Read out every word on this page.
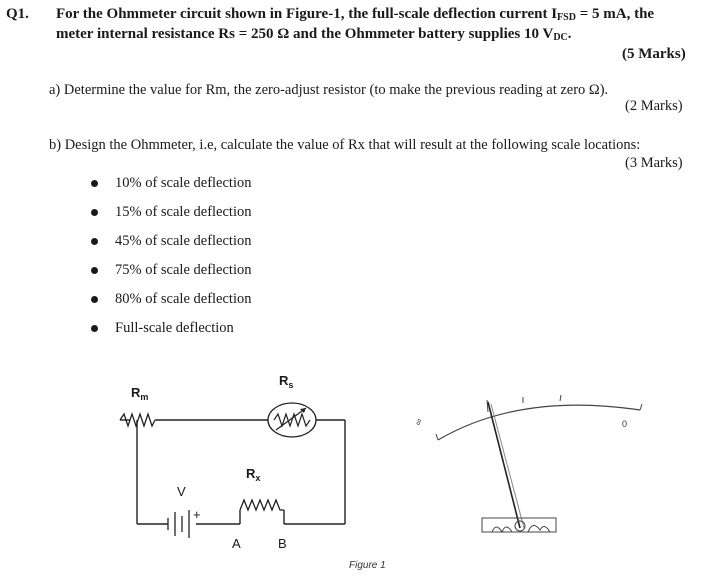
Q1. For the Ohmmeter circuit shown in Figure-1, the full-scale deflection current IFSD = 5 mA, the
meter internal resistance Rs = 250 Ω and the Ohmmeter battery supplies 10 VDC.
(5 Marks)
a) Determine the value for Rm, the zero-adjust resistor (to make the previous reading at zero Ω).
(2 Marks)
b) Design the Ohmmeter, i.e, calculate the value of Rx that will result at the following scale locations:
(3 Marks)
10% of scale deflection
15% of scale deflection
45% of scale deflection
75% of scale deflection
80% of scale deflection
Full-scale deflection
$R_m$
$R_s$
V
+
$R_x$
A	B
∞	0
Figure 1
